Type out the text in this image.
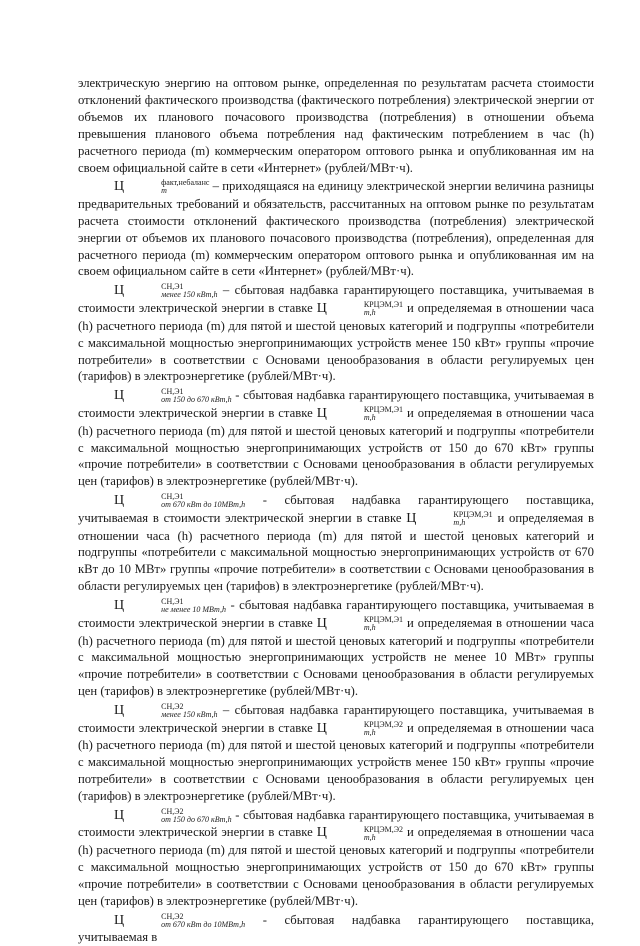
электрическую энергию на оптовом рынке, определенная по результатам расчета стоимости отклонений фактического производства (фактического потребления) электрической энергии от объемов их планового почасового производства (потребления) в отношении объема превышения планового объема потребления над фактическим потреблением в час (h) расчетного периода (m) коммерческим оператором оптового рынка и опубликованная им на своем официальной сайте в сети «Интернет» (рублей/МВт·ч).

Ц	факт,небаланс
m	– приходящаяся на единицу электрической энергии величина разницы предварительных требований и обязательств, рассчитанных на оптовом рынке по результатам расчета стоимости отклонений фактического производства (потребления) электрической энергии от объемов их планового почасового производства (потребления), определенная для расчетного периода (m) коммерческим оператором оптового рынка и опубликованная им на своем официальном сайте в сети «Интернет» (рублей/МВт·ч).

Ц	СН,Э1
менее 150 кВт,h – сбытовая надбавка гарантирующего поставщика, учитываемая в стоимости электрической энергии в ставке Ц	КРЦЭМ,Э1
m,h	и определяемая в отношении часа (h) расчетного периода (m) для пятой и шестой ценовых категорий и подгруппы «потребители с максимальной мощностью энергопринимающих устройств менее 150 кВт» группы «прочие потребители» в соответствии с Основами ценообразования в области регулируемых цен (тарифов) в электроэнергетике (рублей/МВт·ч).

Ц	СН,Э1
от 150 до 670 кВт,h - сбытовая надбавка гарантирующего поставщика, учитываемая в стоимости электрической энергии в ставке Ц	КРЦЭМ,Э1
m,h	и определяемая в отношении часа (h) расчетного периода (m) для пятой и шестой ценовых категорий и подгруппы «потребители с максимальной мощностью энергопринимающих устройств от 150 до 670 кВт» группы «прочие потребители» в соответствии с Основами ценообразования в области регулируемых цен (тарифов) в электроэнергетике (рублей/МВт·ч).

Ц	СН,Э1
от 670 кВт до 10МВт,h - сбытовая надбавка гарантирующего поставщика, учитываемая в стоимости электрической энергии в ставке Ц	КРЦЭМ,Э1
m,h	и определяемая в отношении часа (h) расчетного периода (m) для пятой и шестой ценовых категорий и подгруппы «потребители с максимальной мощностью энергопринимающих устройств от 670 кВт до 10 МВт» группы «прочие потребители» в соответствии с Основами ценообразования в области регулируемых цен (тарифов) в электроэнергетике (рублей/МВт·ч).

Ц	СН,Э1
не менее 10 МВт,h - сбытовая надбавка гарантирующего поставщика, учитываемая в стоимости электрической энергии в ставке Ц	КРЦЭМ,Э1
m,h	и определяемая в отношении часа (h) расчетного периода (m) для пятой и шестой ценовых категорий и подгруппы «потребители с максимальной мощностью энергопринимающих устройств не менее 10 МВт» группы «прочие потребители» в соответствии с Основами ценообразования в области регулируемых цен (тарифов) в электроэнергетике (рублей/МВт·ч).

Ц	СН,Э2
менее 150 кВт,h – сбытовая надбавка гарантирующего поставщика, учитываемая в стоимости электрической энергии в ставке Ц	КРЦЭМ,Э2
m,h	и определяемая в отношении часа (h) расчетного периода (m) для пятой и шестой ценовых категорий и подгруппы «потребители с максимальной мощностью энергопринимающих устройств менее 150 кВт» группы «прочие потребители» в соответствии с Основами ценообразования в области регулируемых цен (тарифов) в электроэнергетике (рублей/МВт·ч).

Ц	СН,Э2
от 150 до 670 кВт,h - сбытовая надбавка гарантирующего поставщика, учитываемая в стоимости электрической энергии в ставке Ц	КРЦЭМ,Э2
m,h	и определяемая в отношении часа (h) расчетного периода (m) для пятой и шестой ценовых категорий и подгруппы «потребители с максимальной мощностью энергопринимающих устройств от 150 до 670 кВт» группы «прочие потребители» в соответствии с Основами ценообразования в области регулируемых цен (тарифов) в электроэнергетике (рублей/МВт·ч).

Ц	СН,Э2
от 670 кВт до 10МВт,h - сбытовая надбавка гарантирующего поставщика, учитываемая в
